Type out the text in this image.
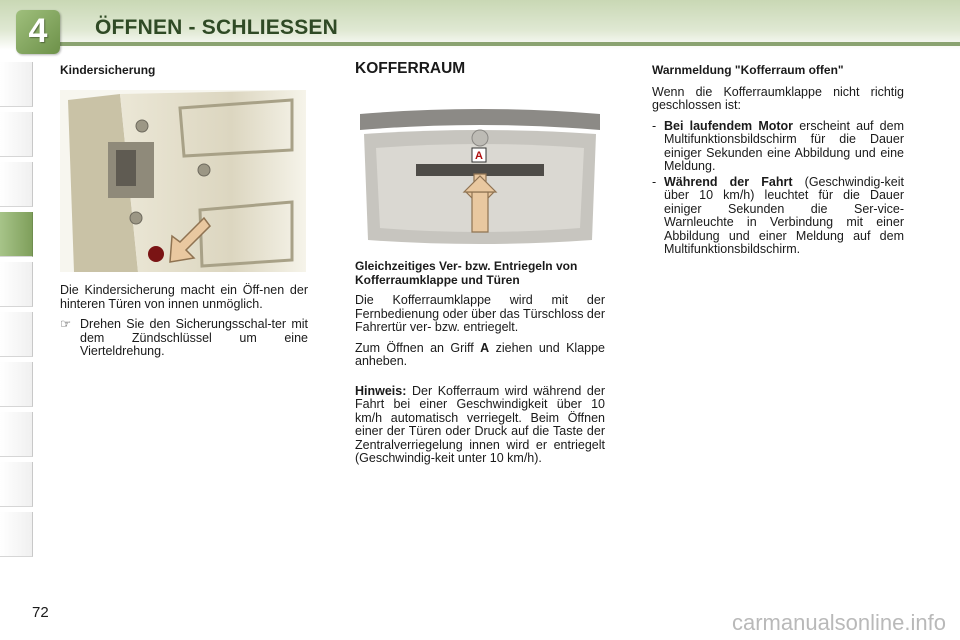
4	ÖFFNEN - SCHLIESSEN
Kindersicherung

Die Kindersicherung macht ein Öff-nen der hinteren Türen von innen unmöglich.

☞ Drehen Sie den Sicherungsschal-ter mit dem Zündschlüssel um eine Vierteldrehung.
KOFFERRAUM
A

Gleichzeitiges Ver- bzw. Entriegeln von Kofferraumklappe und Türen

Die Kofferraumklappe wird mit der Fernbedienung oder über das Türschloss der Fahrertür ver- bzw. entriegelt.

Zum Öffnen an Griff A ziehen und Klappe anheben.

Hinweis: Der Kofferraum wird während der Fahrt bei einer Geschwindigkeit über 10 km/h automatisch verriegelt. Beim Öffnen einer der Türen oder Druck auf die Taste der Zentralverriegelung innen wird er entriegelt (Geschwindig-keit unter 10 km/h).

Warnmeldung "Kofferraum offen"

Wenn die Kofferraumklappe nicht richtig geschlossen ist:

- Bei laufendem Motor erscheint auf dem Multifunktionsbildschirm für die Dauer einiger Sekunden eine Abbildung und eine Meldung.
- Während der Fahrt (Geschwindig-keit über 10 km/h) leuchtet für die Dauer einiger Sekunden die Ser-vice-Warnleuchte in Verbindung mit einer Abbildung und einer Meldung auf dem Multifunktionsbildschirm.
72	carmanualsonline.info
